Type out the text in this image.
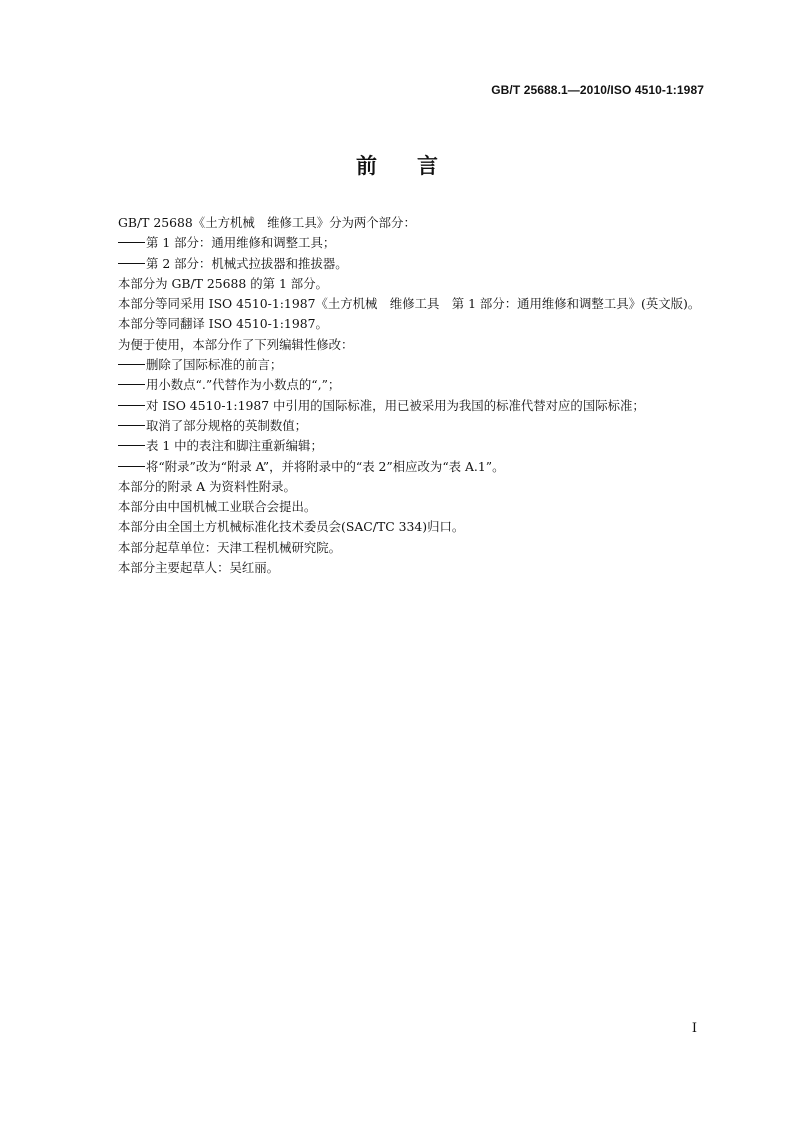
GB/T 25688.1—2010/ISO 4510-1:1987
前言

GB/T 25688《土方机械　维修工具》分为两个部分：

第 1 部分：通用维修和调整工具；

第 2 部分：机械式拉拔器和推拔器。

本部分为 GB/T 25688 的第 1 部分。

本部分等同采用 ISO 4510-1:1987《土方机械　维修工具　第 1 部分：通用维修和调整工具》(英文版)。

本部分等同翻译 ISO 4510-1:1987。

为便于使用，本部分作了下列编辑性修改：

删除了国际标准的前言；

用小数点“.”代替作为小数点的“,”；

对 ISO 4510-1:1987 中引用的国际标准，用已被采用为我国的标准代替对应的国际标准；

取消了部分规格的英制数值；

表 1 中的表注和脚注重新编辑；

将“附录”改为“附录 A”，并将附录中的“表 2”相应改为“表 A.1”。

本部分的附录 A 为资料性附录。

本部分由中国机械工业联合会提出。

本部分由全国土方机械标准化技术委员会(SAC/TC 334)归口。

本部分起草单位：天津工程机械研究院。

本部分主要起草人：吴红丽。

I
